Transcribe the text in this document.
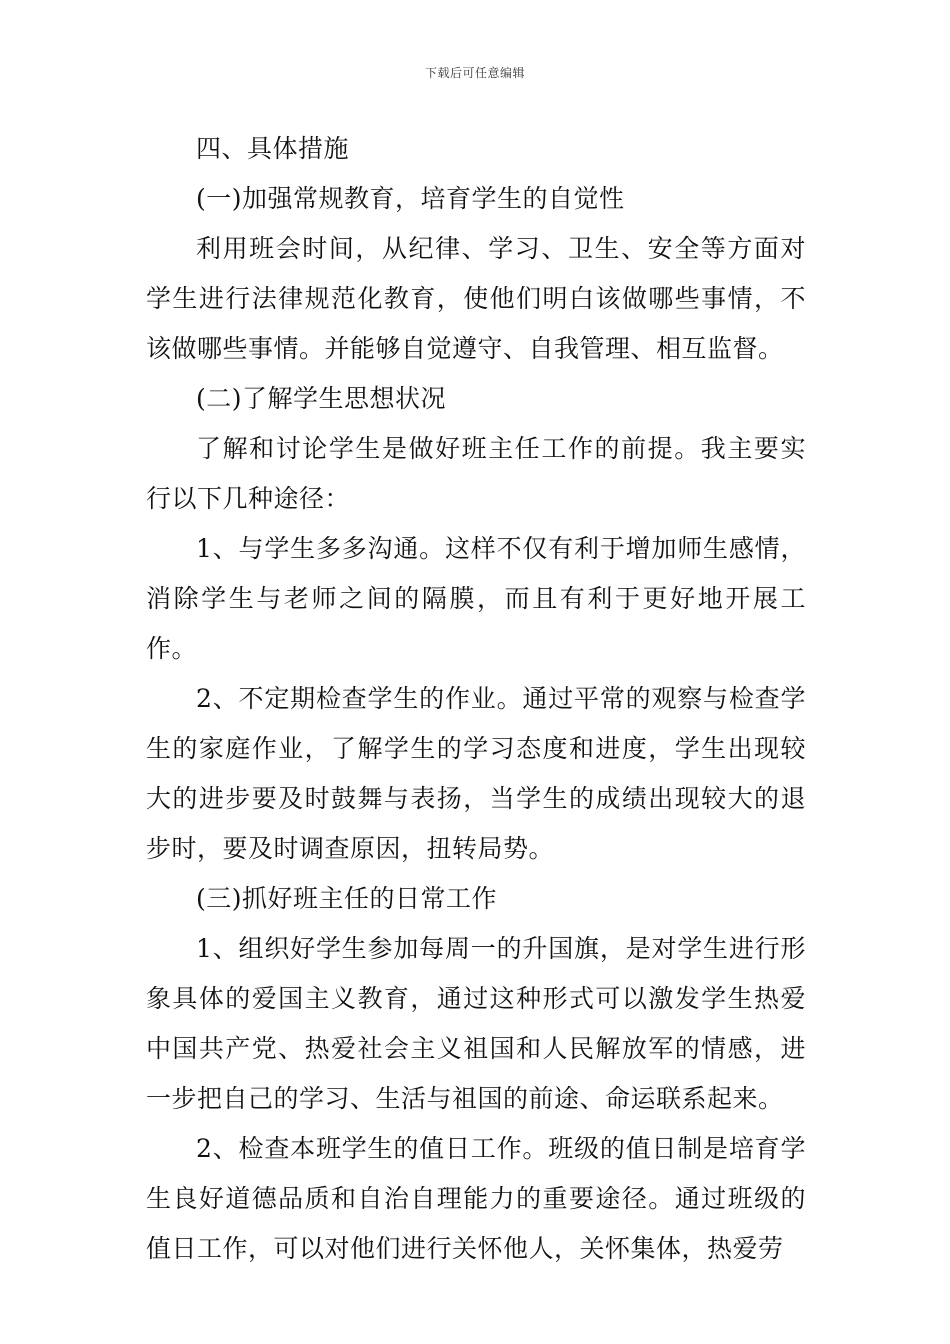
下载后可任意编辑

四、具体措施

(一)加强常规教育，培育学生的自觉性

利用班会时间，从纪律、学习、卫生、安全等方面对学生进行法律规范化教育，使他们明白该做哪些事情，不该做哪些事情。并能够自觉遵守、自我管理、相互监督。

(二)了解学生思想状况

了解和讨论学生是做好班主任工作的前提。我主要实行以下几种途径：

1、与学生多多沟通。这样不仅有利于增加师生感情，消除学生与老师之间的隔膜，而且有利于更好地开展工作。

2、不定期检查学生的作业。通过平常的观察与检查学生的家庭作业，了解学生的学习态度和进度，学生出现较大的进步要及时鼓舞与表扬，当学生的成绩出现较大的退步时，要及时调查原因，扭转局势。

(三)抓好班主任的日常工作

1、组织好学生参加每周一的升国旗，是对学生进行形象具体的爱国主义教育，通过这种形式可以激发学生热爱中国共产党、热爱社会主义祖国和人民解放军的情感，进一步把自己的学习、生活与祖国的前途、命运联系起来。

2、检查本班学生的值日工作。班级的值日制是培育学生良好道德品质和自治自理能力的重要途径。通过班级的值日工作，可以对他们进行关怀他人，关怀集体，热爱劳
